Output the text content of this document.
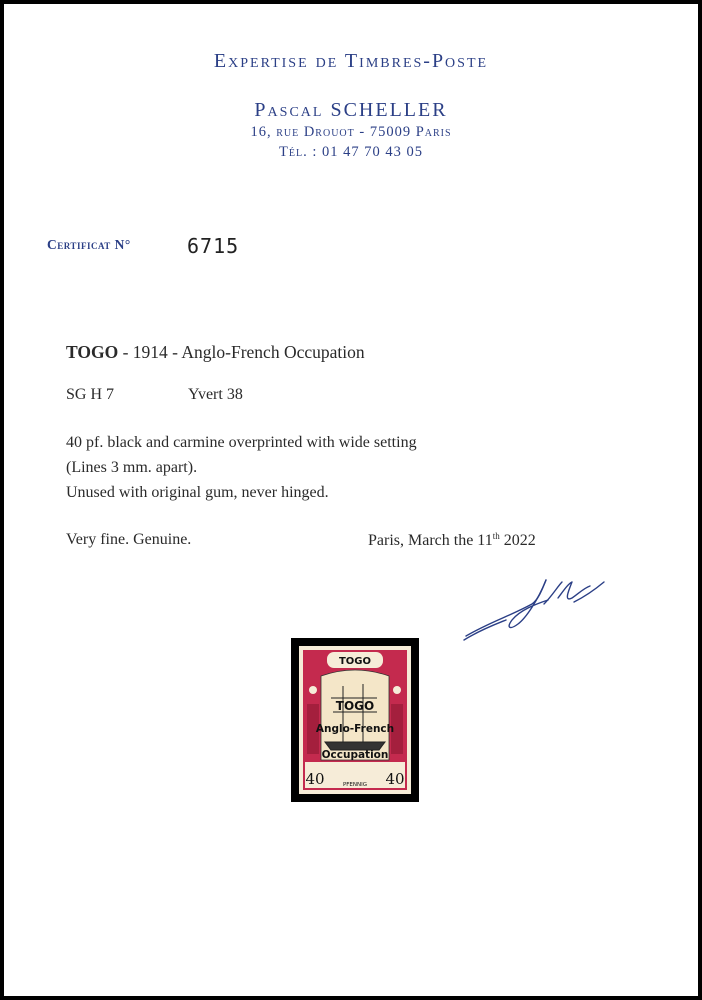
Expertise de Timbres-Poste
Pascal SCHELLER
16, rue Drouot - 75009 Paris
Tél. : 01 47 70 43 05
Certificat N°	6715
TOGO - 1914 - Anglo-French Occupation
SG H 7	Yvert 38
40 pf. black and carmine overprinted with wide setting
(Lines 3 mm. apart).
Unused with original gum, never hinged.
Very fine. Genuine.	Paris, March the 11th 2022
TOGO
40	40
PFENNIG
TOGO
Anglo-French
Occupation
